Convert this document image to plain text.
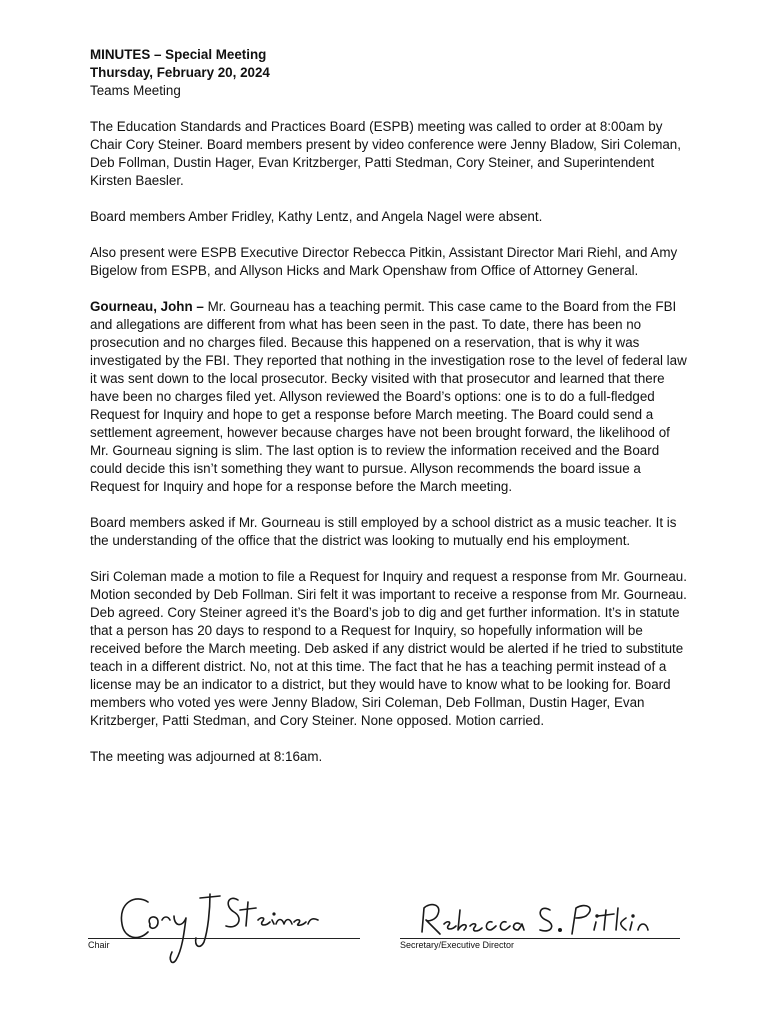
MINUTES – Special Meeting
Thursday, February 20, 2024
Teams Meeting

The Education Standards and Practices Board (ESPB) meeting was called to order at 8:00am by Chair Cory Steiner. Board members present by video conference were Jenny Bladow, Siri Coleman, Deb Follman, Dustin Hager, Evan Kritzberger, Patti Stedman, Cory Steiner, and Superintendent Kirsten Baesler.

Board members Amber Fridley, Kathy Lentz, and Angela Nagel were absent.

Also present were ESPB Executive Director Rebecca Pitkin, Assistant Director Mari Riehl, and Amy Bigelow from ESPB, and Allyson Hicks and Mark Openshaw from Office of Attorney General.

Gourneau, John – Mr. Gourneau has a teaching permit. This case came to the Board from the FBI and allegations are different from what has been seen in the past. To date, there has been no prosecution and no charges filed. Because this happened on a reservation, that is why it was investigated by the FBI. They reported that nothing in the investigation rose to the level of federal law it was sent down to the local prosecutor. Becky visited with that prosecutor and learned that there have been no charges filed yet. Allyson reviewed the Board’s options: one is to do a full-fledged Request for Inquiry and hope to get a response before March meeting. The Board could send a settlement agreement, however because charges have not been brought forward, the likelihood of Mr. Gourneau signing is slim. The last option is to review the information received and the Board could decide this isn’t something they want to pursue. Allyson recommends the board issue a Request for Inquiry and hope for a response before the March meeting.

Board members asked if Mr. Gourneau is still employed by a school district as a music teacher. It is the understanding of the office that the district was looking to mutually end his employment.

Siri Coleman made a motion to file a Request for Inquiry and request a response from Mr. Gourneau. Motion seconded by Deb Follman. Siri felt it was important to receive a response from Mr. Gourneau. Deb agreed. Cory Steiner agreed it’s the Board’s job to dig and get further information. It’s in statute that a person has 20 days to respond to a Request for Inquiry, so hopefully information will be received before the March meeting. Deb asked if any district would be alerted if he tried to substitute teach in a different district. No, not at this time. The fact that he has a teaching permit instead of a license may be an indicator to a district, but they would have to know what to be looking for. Board members who voted yes were Jenny Bladow, Siri Coleman, Deb Follman, Dustin Hager, Evan Kritzberger, Patti Stedman, and Cory Steiner. None opposed. Motion carried.

The meeting was adjourned at 8:16am.

Chair	Secretary/Executive Director
